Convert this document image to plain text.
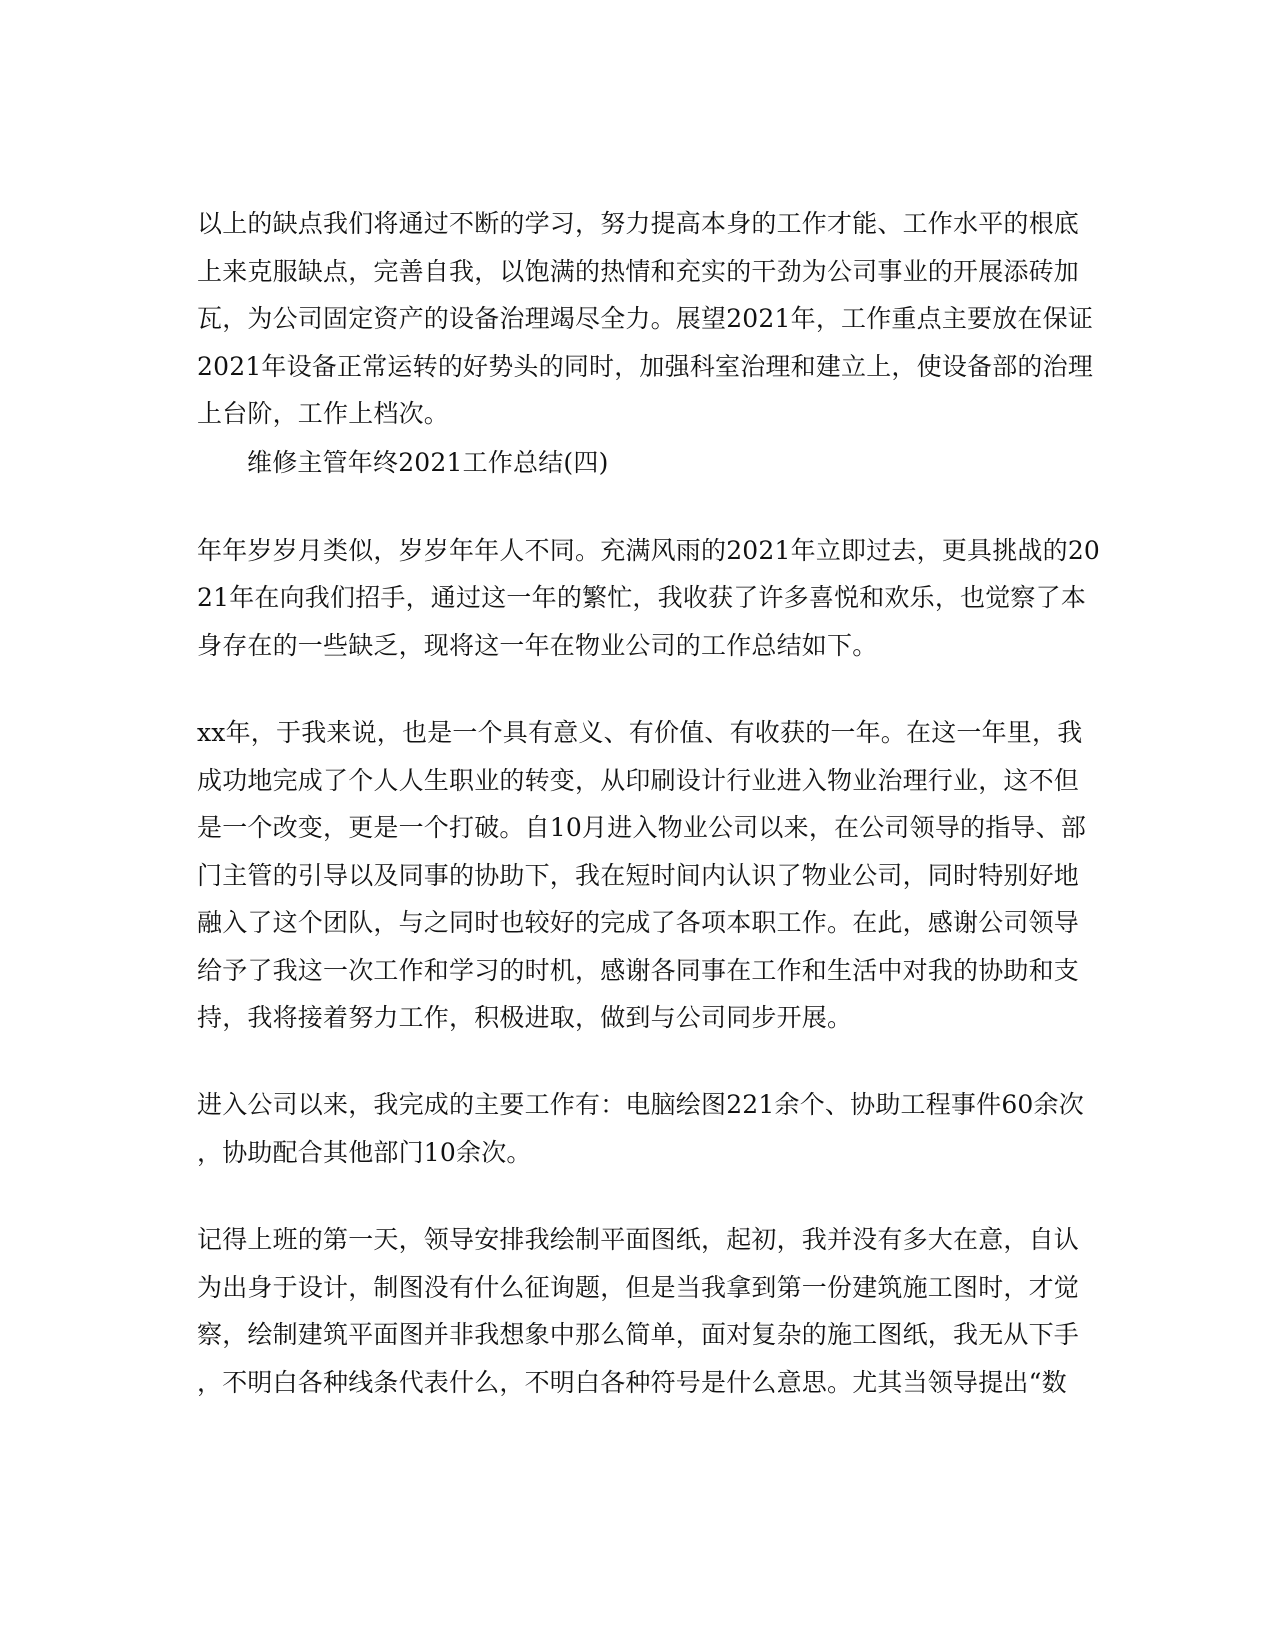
以上的缺点我们将通过不断的学习，努力提高本身的工作才能、工作水平的根底
上来克服缺点，完善自我，以饱满的热情和充实的干劲为公司事业的开展添砖加
瓦，为公司固定资产的设备治理竭尽全力。展望2021年，工作重点主要放在保证
2021年设备正常运转的好势头的同时，加强科室治理和建立上，使设备部的治理
上台阶，工作上档次。
维修主管年终2021工作总结(四)
年年岁岁月类似，岁岁年年人不同。充满风雨的2021年立即过去，更具挑战的20
21年在向我们招手，通过这一年的繁忙，我收获了许多喜悦和欢乐，也觉察了本
身存在的一些缺乏，现将这一年在物业公司的工作总结如下。
xx年，于我来说，也是一个具有意义、有价值、有收获的一年。在这一年里，我
成功地完成了个人人生职业的转变，从印刷设计行业进入物业治理行业，这不但
是一个改变，更是一个打破。自10月进入物业公司以来，在公司领导的指导、部
门主管的引导以及同事的协助下，我在短时间内认识了物业公司，同时特别好地
融入了这个团队，与之同时也较好的完成了各项本职工作。在此，感谢公司领导
给予了我这一次工作和学习的时机，感谢各同事在工作和生活中对我的协助和支
持，我将接着努力工作，积极进取，做到与公司同步开展。
进入公司以来，我完成的主要工作有：电脑绘图221余个、协助工程事件60余次
，协助配合其他部门10余次。
记得上班的第一天，领导安排我绘制平面图纸，起初，我并没有多大在意，自认
为出身于设计，制图没有什么征询题，但是当我拿到第一份建筑施工图时，才觉
察，绘制建筑平面图并非我想象中那么简单，面对复杂的施工图纸，我无从下手
，不明白各种线条代表什么，不明白各种符号是什么意思。尤其当领导提出“数
